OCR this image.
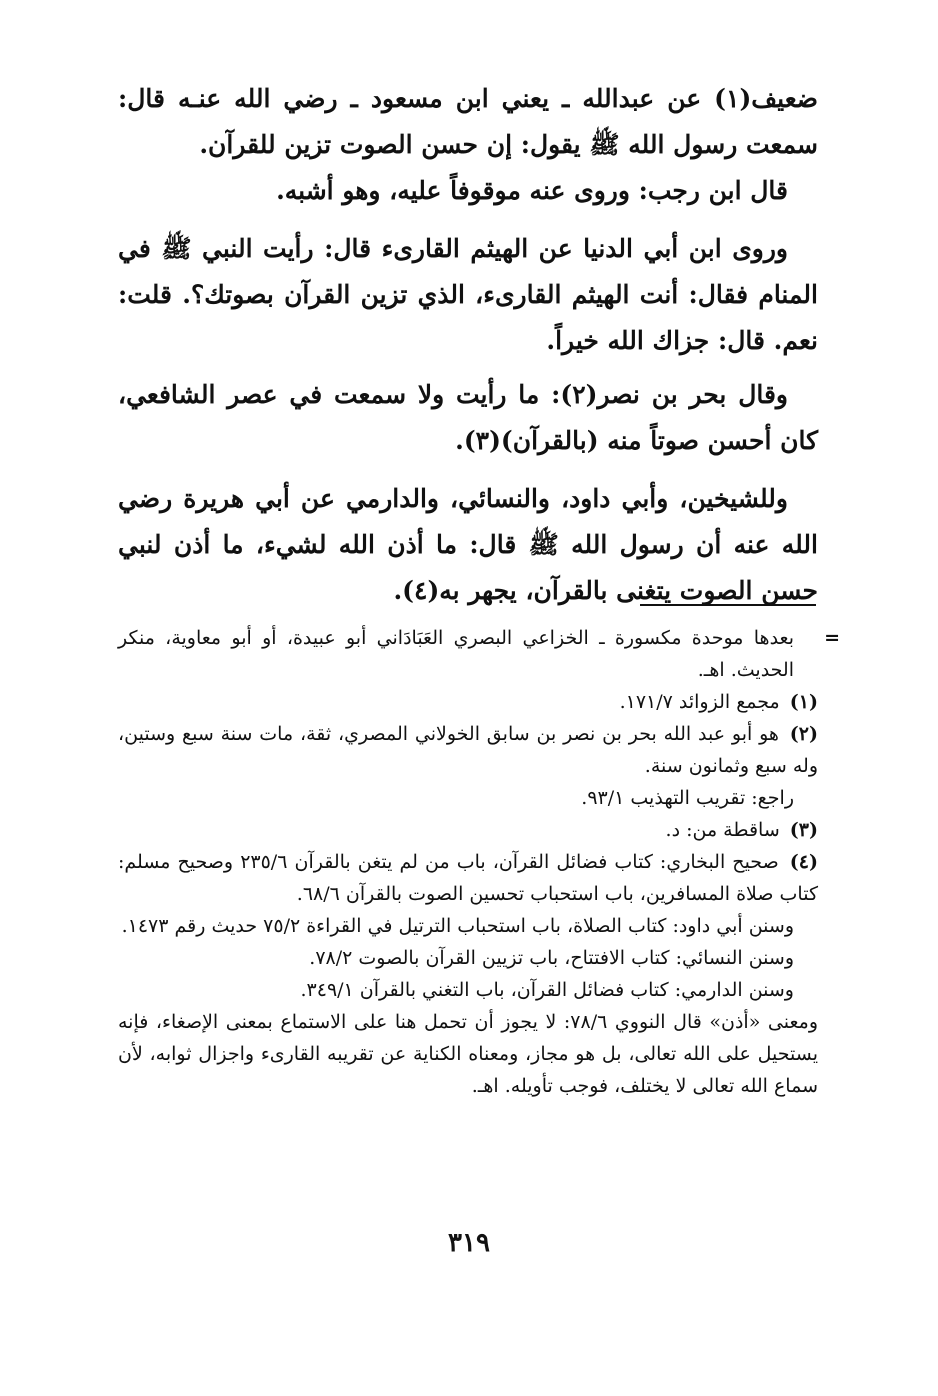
ضعيف(١) عن عبدالله ـ يعني ابن مسعود ـ رضي الله عنـه قال: سمعت رسول الله ﷺ يقول: إن حسن الصوت تزين للقرآن.

قال ابن رجب: وروى عنه موقوفاً عليه، وهو أشبه.

وروى ابن أبي الدنيا عن الهيثم القارىء قال: رأيت النبي ﷺ في المنام فقال: أنت الهيثم القارىء، الذي تزين القرآن بصوتك؟. قلت: نعم. قال: جزاك الله خيراً.

وقال بحر بن نصر(٢): ما رأيت ولا سمعت في عصر الشافعي، كان أحسن صوتاً منه (بالقرآن)(٣).

وللشيخين، وأبي داود، والنسائي، والدارمي عن أبي هريرة رضي الله عنه أن رسول الله ﷺ قال: ما أذن الله لشيء، ما أذن لنبي حسن الصوت يتغنى بالقرآن، يجهر به(٤).

=
بعدها موحدة مكسورة ـ الخزاعي البصري العَبَادَاني أبو عبيدة، أو أبو معاوية، منكر الحديث. اهـ.

(١) مجمع الزوائد ١٧١/٧.

(٢) هو أبو عبد الله بحر بن نصر بن سابق الخولاني المصري، ثقة، مات سنة سبع وستين، وله سبع وثمانون سنة.

راجع: تقريب التهذيب ٩٣/١.

(٣) ساقطة من: د.

(٤) صحيح البخاري: كتاب فضائل القرآن، باب من لم يتغن بالقرآن ٢٣٥/٦ وصحيح مسلم: كتاب صلاة المسافرين، باب استحباب تحسين الصوت بالقرآن ٦٨/٦.

وسنن أبي داود: كتاب الصلاة، باب استحباب الترتيل في القراءة ٧٥/٢ حديث رقم ١٤٧٣.

وسنن النسائي: كتاب الافتتاح، باب تزيين القرآن بالصوت ٧٨/٢.

وسنن الدارمي: كتاب فضائل القرآن، باب التغني بالقرآن ٣٤٩/١.

ومعنى «أذن» قال النووي ٧٨/٦: لا يجوز أن تحمل هنا على الاستماع بمعنى الإصغاء، فإنه يستحيل على الله تعالى، بل هو مجاز، ومعناه الكناية عن تقريبه القارىء واجزال ثوابه، لأن سماع الله تعالى لا يختلف، فوجب تأويله. اهـ.

٣١٩
